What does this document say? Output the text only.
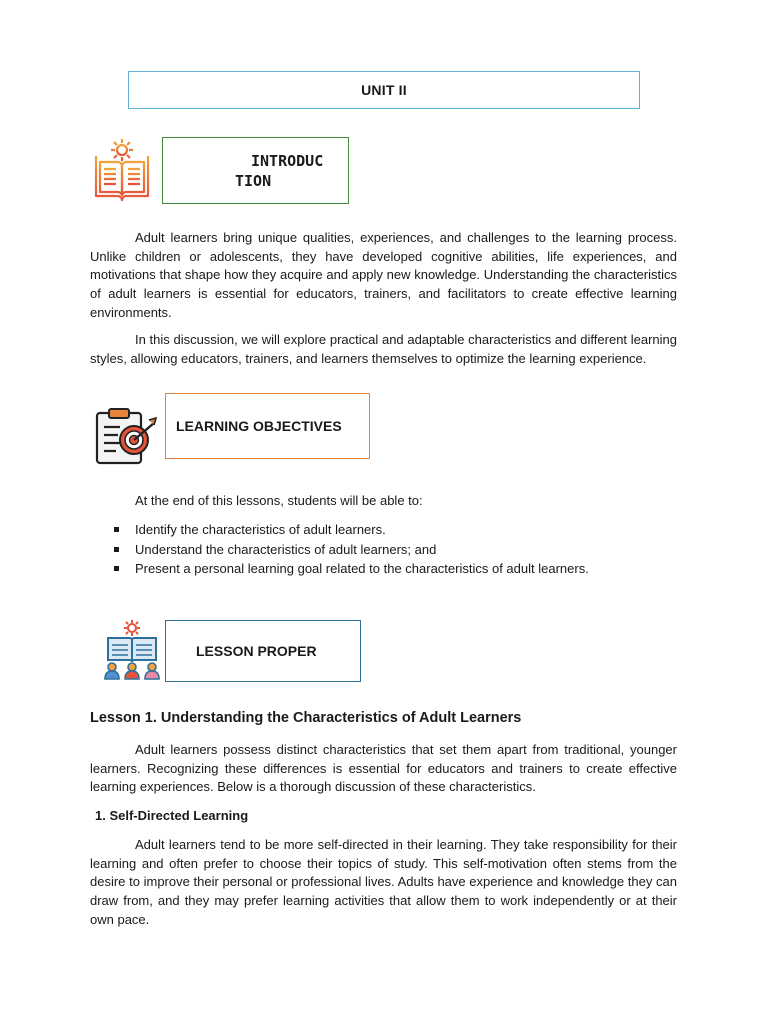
UNIT II
INTRODUC
TION

Adult learners bring unique qualities, experiences, and challenges to the learning process. Unlike children or adolescents, they have developed cognitive abilities, life experiences, and motivations that shape how they acquire and apply new knowledge. Understanding the characteristics of adult learners is essential for educators, trainers, and facilitators to create effective learning environments.

In this discussion, we will explore practical and adaptable characteristics and different learning styles, allowing educators, trainers, and learners themselves to optimize the learning experience.

LEARNING OBJECTIVES

At the end of this lessons, students will be able to:

Identify the characteristics of adult learners.
Understand the characteristics of adult learners; and
Present a personal learning goal related to the characteristics of adult learners.
LESSON PROPER
Lesson 1. Understanding the Characteristics of Adult Learners

Adult learners possess distinct characteristics that set them apart from traditional, younger learners. Recognizing these differences is essential for educators and trainers to create effective learning experiences. Below is a thorough discussion of these characteristics.

1. Self-Directed Learning

Adult learners tend to be more self-directed in their learning. They take responsibility for their learning and often prefer to choose their topics of study. This self-motivation often stems from the desire to improve their personal or professional lives. Adults have experience and knowledge they can draw from, and they may prefer learning activities that allow them to work independently or at their own pace.
